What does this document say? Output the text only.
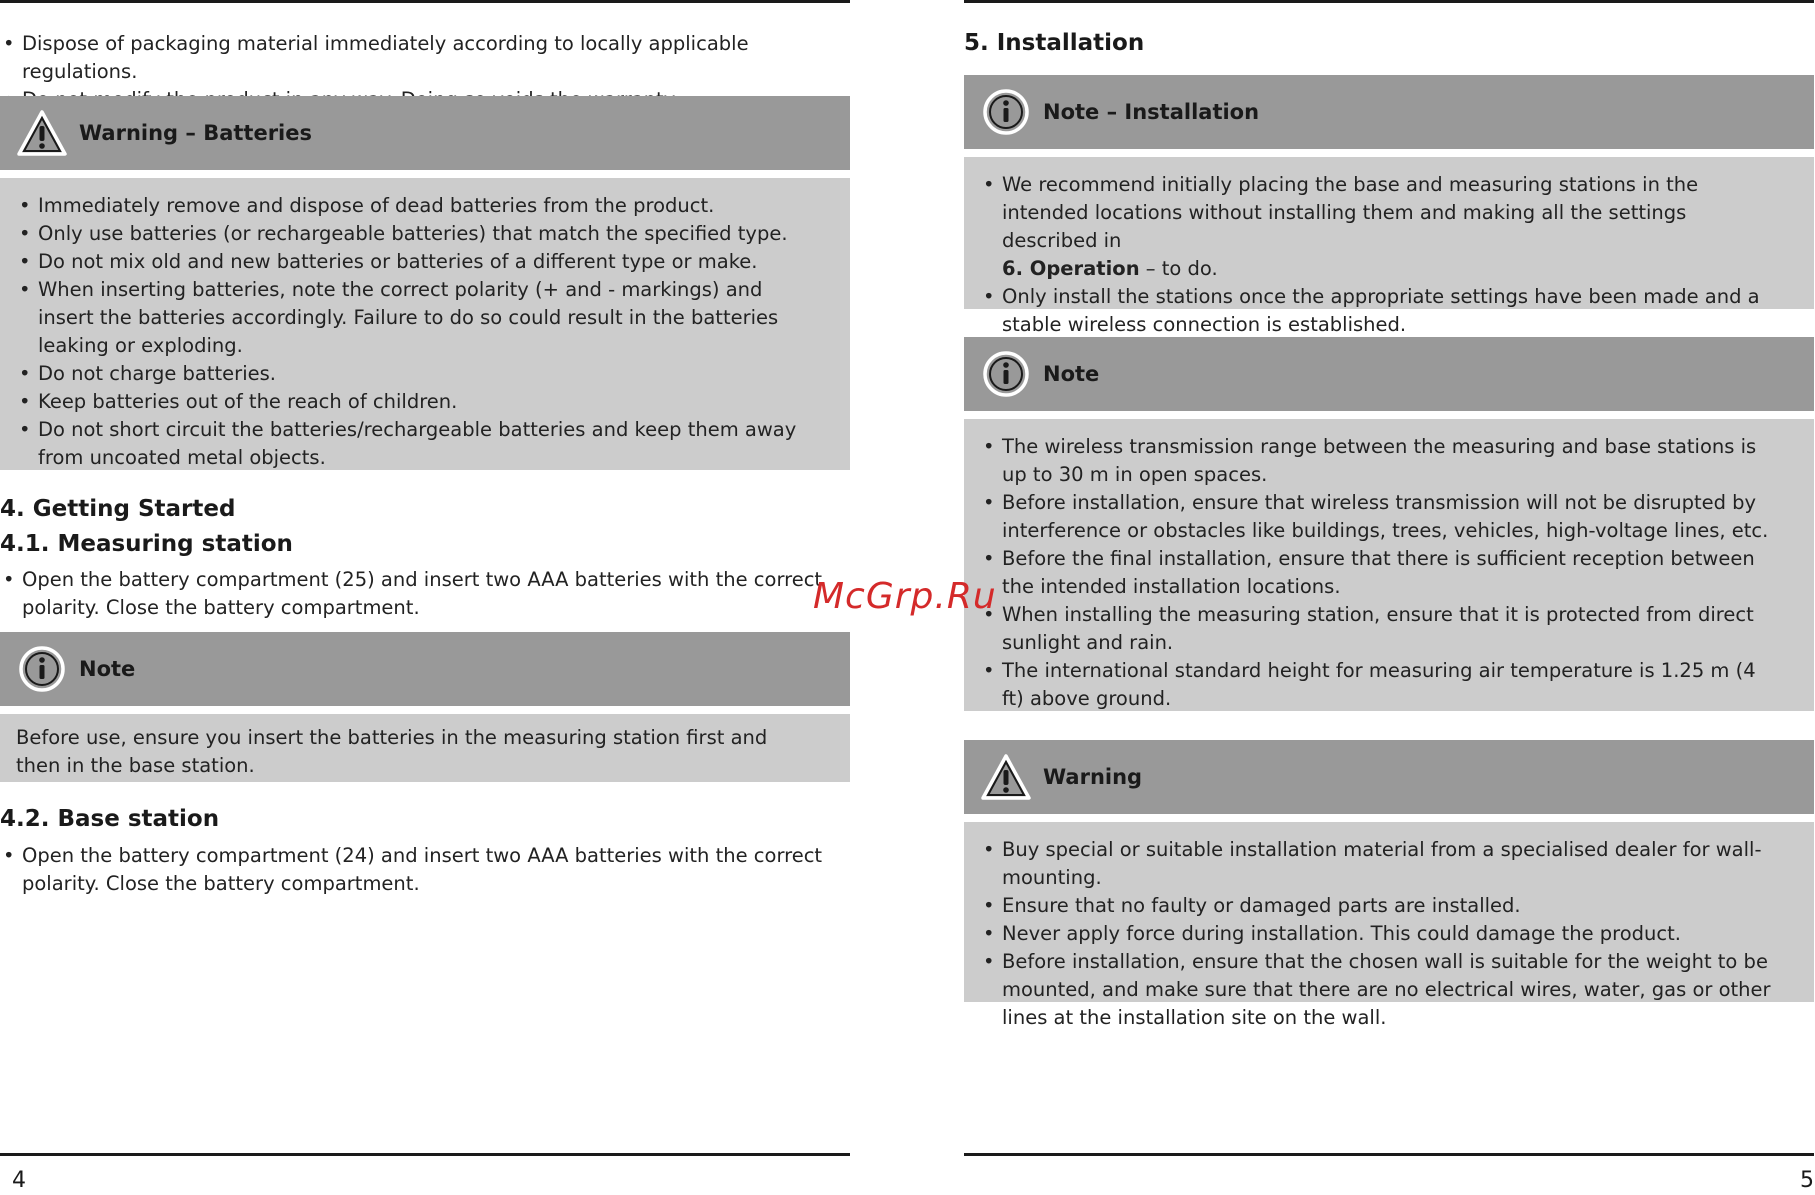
• Dispose of packaging material immediately according to locally applicable regulations.
•
Warning – Batteries
• Immediately remove and dispose of dead batteries from the product.
• Only use batteries (or rechargeable batteries) that match the specified type.
• Do not mix old and new batteries or batteries of a different type or make.
• When inserting batteries, note the correct polarity (+ and - markings) and insert the batteries accordingly. Failure to do so could result in the batteries leaking or exploding.
• Do not charge batteries.
• Keep batteries out of the reach of children.
• Do not short circuit the batteries/rechargeable batteries and keep them away from uncoated metal objects.
4. Getting Started
4.1. Measuring station
• Open the battery compartment (25) and insert two AAA batteries with the correct polarity. Close the battery compartment.
Note

Before use, ensure you insert the batteries in the measuring station first and then in the base station.

4.2. Base station
• Open the battery compartment (24) and insert two AAA batteries with the correct polarity. Close the battery compartment.
4
5. Installation
Note – Installation
• We recommend initially placing the base and measuring stations in the intended locations without installing them and making all the settings described in
6. Operation – to do.
• Only install the stations once the appropriate settings have been made and a stable wireless connection is established.
Note
• The wireless transmission range between the measuring and base stations is up to 30 m in open spaces.
• Before installation, ensure that wireless transmission will not be disrupted by interference or obstacles like buildings, trees, vehicles, high-voltage lines, etc.
• Before the final installation, ensure that there is sufficient reception between the intended installation locations.
• When installing the measuring station, ensure that it is protected from direct sunlight and rain.
• The international standard height for measuring air temperature is 1.25 m (4 ft) above ground.
Warning
• Buy special or suitable installation material from a specialised dealer for wall-mounting.
• Ensure that no faulty or damaged parts are installed.
• Never apply force during installation. This could damage the product.
• Before installation, ensure that the chosen wall is suitable for the weight to be mounted, and make sure that there are no electrical wires, water, gas or other lines at the installation site on the wall.
5
McGrp.Ru
